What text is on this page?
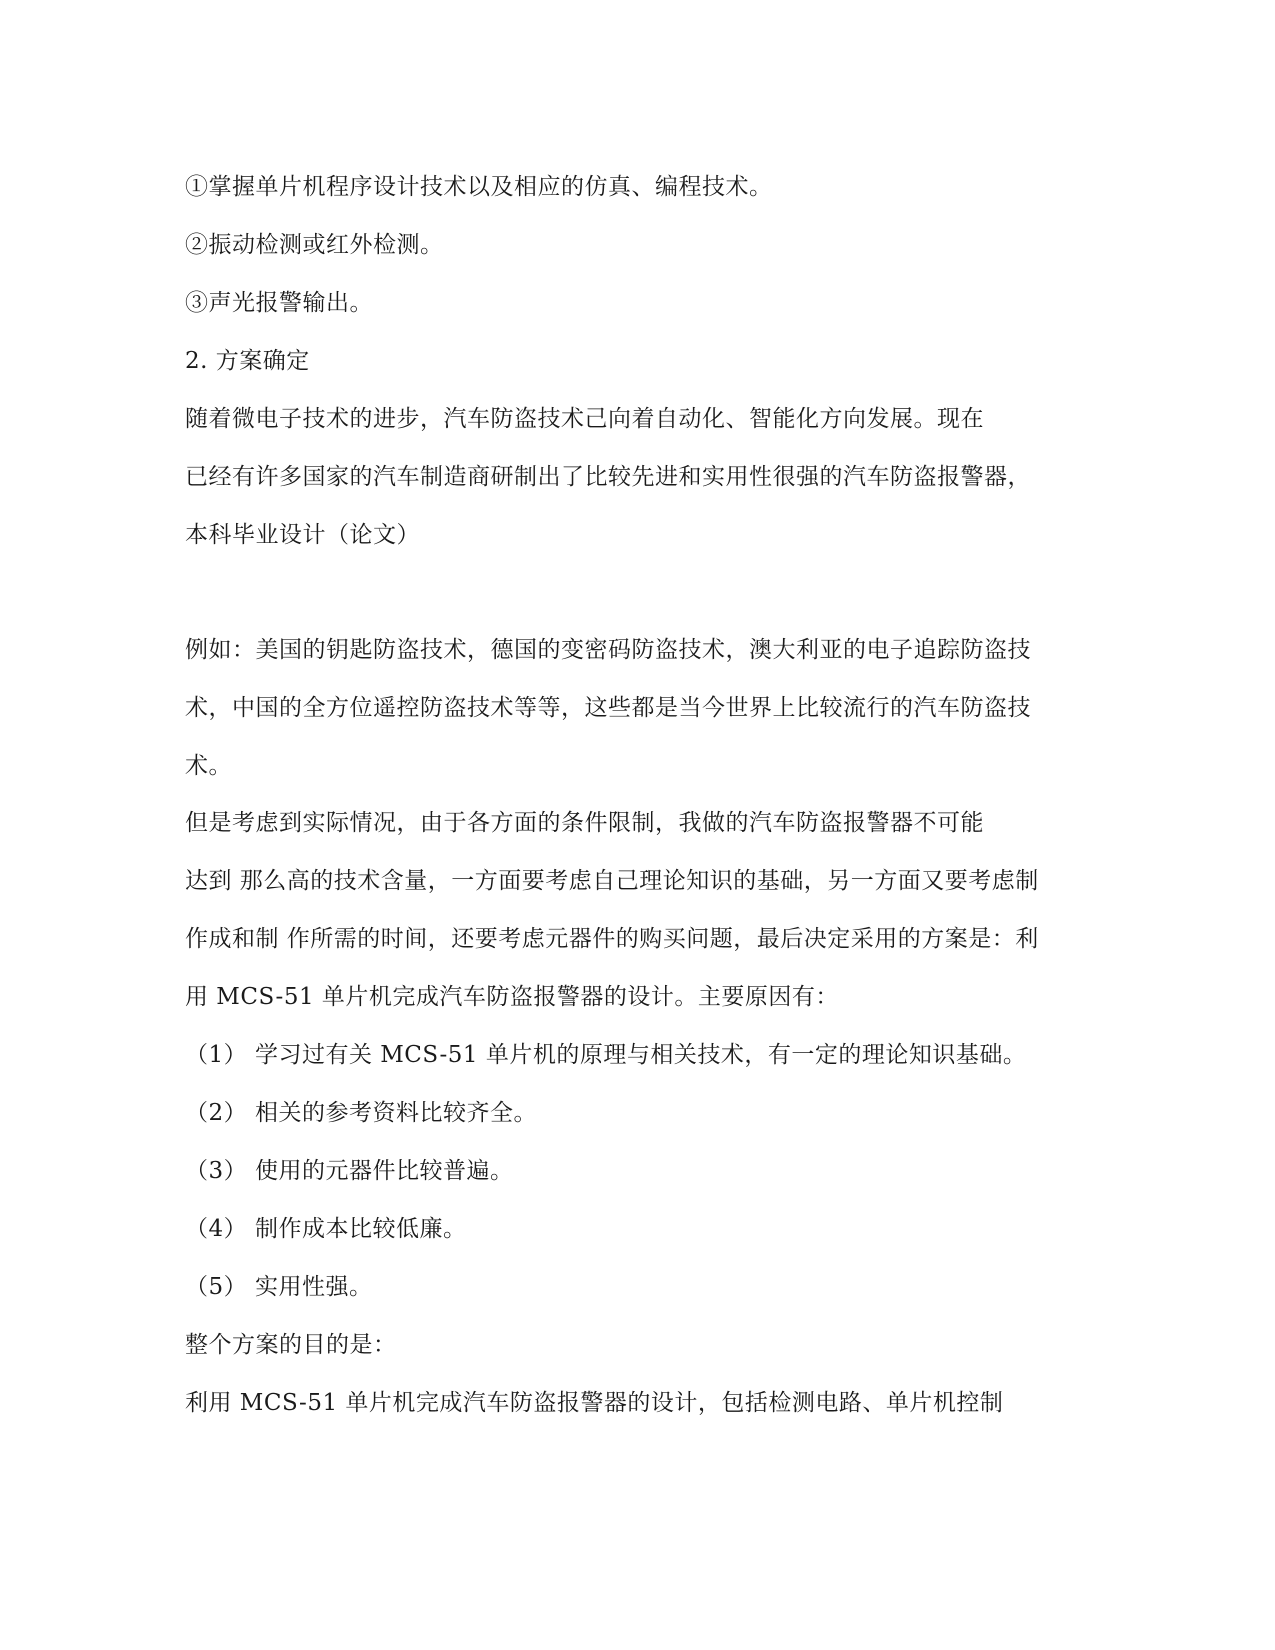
①掌握单片机程序设计技术以及相应的仿真、编程技术。
②振动检测或红外检测。
③声光报警输出。
2. 方案确定
随着微电子技术的进步，汽车防盗技术己向着自动化、智能化方向发展。现在
已经有许多国家的汽车制造商研制出了比较先进和实用性很强的汽车防盗报警器，
本科毕业设计（论文）
例如：美国的钥匙防盗技术，德国的变密码防盗技术，澳大利亚的电子追踪防盗技
术，中国的全方位遥控防盗技术等等，这些都是当今世界上比较流行的汽车防盗技
术。
但是考虑到实际情况，由于各方面的条件限制，我做的汽车防盗报警器不可能
达到 那么高的技术含量，一方面要考虑自己理论知识的基础，另一方面又要考虑制
作成和制 作所需的时间，还要考虑元器件的购买问题，最后决定采用的方案是：利
用 MCS-51 单片机完成汽车防盗报警器的设计。主要原因有：
（1） 学习过有关 MCS-51 单片机的原理与相关技术，有一定的理论知识基础。
（2） 相关的参考资料比较齐全。
（3） 使用的元器件比较普遍。
（4） 制作成本比较低廉。
（5） 实用性强。
整个方案的目的是：
利用 MCS-51 单片机完成汽车防盗报警器的设计，包括检测电路、单片机控制
